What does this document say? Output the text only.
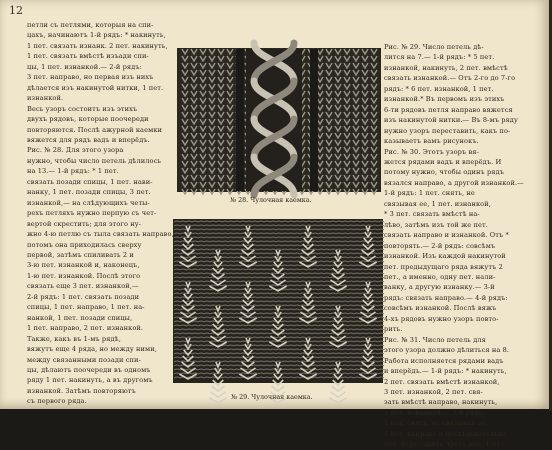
12

петли съ петлями, которыя на спи-

цахъ, начинаютъ 1-й рядъ: * накинуть,

1 пет. связать изнанк. 2 пет. накинуть,

1 пет. связать вмѣстѣ изъади спи-

цы, 1 пет. изнанкой.— 2-й рядъ:

3 пет. направо, но первая изъ нихъ

дѣлается изъ накинутой нитки, 1 пет.

изнанкой.

Весь узоръ состоитъ изъ этихъ

двухъ рядовъ, которые поочереди

повторяются. Послѣ ажурной каемки

вяжется для рядъ вадъ и вперёдъ.

Рис. № 28. Для этого узора

нужно, чтобы число петель дѣлилось

на 13.— 1-й рядъ: * 1 пет.

связать позади спицы, 1 пет. нави-

нанку, 1 пет. позади спицы, 3 пет.

изнанкой,— на слѣдующихъ четы-

рехъ петляхъ нужно перпую съ чет-

вертой скрестить; для этого ну-

жно 4-ю петлю съ тыла связать направо,

потомъ она приходилась сверху

первой, затѣмъ спиливать 2 и

3-ю пет. изнанкой и, наконецъ,

1-ю пет. изнанкой. Послѣ этого

связать еще 3 пет. изнанкой,—

2-й рядъ: 1 пет. связать позади

спицы, 1 пет. направо, 1 пет. на-

нанкой, 1 пет. позади спицы,

1 пет. направо, 2 пет. изнанкой.

Также, какъ въ 1-мъ рядѣ,

вяжутъ еще 4 ряда, но между ними,

между связанными позади спи-

цы, дѣлаютъ поочереди въ одномъ

ряду 1 пет. накинуть, а въ другомъ

изнанкой. Затѣмъ повторяютъ

съ первого ряда.

Рис. № 29. Число петель дѣ-

лится на 7.— 1-й рядъ: * 5 пет.

изнанкой, накинуть, 2 пет. вмѣстѣ

связать изнанкой.— Отъ 2-го до 7-го

рядъ: * 6 пет. изнанкой, 1 пет.

изнанкой.* Въ первомъ изъ этихъ

6-ти рядовъ петля направо вяжется

изъ накинутой нитки.— Въ 8-мъ ряду

нужно узоръ переставить, какъ по-

казываетъ вамъ рисунокъ.

Рис. № 30. Этотъ узоръ вя-

жется рядами вадъ и вперёдъ. И

потому нужно, чтобы одинъ рядъ

вязался направо, а другой изнанкой.—

1-й рядъ: 1 пет. снять, не

связывая ее, 1 пет. изнанкой,

* 3 пет. связать вмѣстѣ на-

лѣво, затѣмъ изъ той же пет.

связать направо и изнанкой. Отъ *

повторять.— 2-й рядъ: совсѣмъ

изнанкой. Изъ каждой накинутой

пет. предыдущаго ряда вяжутъ 2

пет., а именно, одну пет. нали-

ванку, а другую изнанку.— 3-й

рядъ: связать направо.— 4-й рядъ:

совсѣмъ изнанкой. Послѣ вяжъ

4-хъ рядовъ нужно узоръ повто-

рить.

Рис. № 31. Число петель для

этого узора должно дѣлиться на 8.

Работа исполняется рядами вадъ

и вперёдъ.— 1-й рядъ: * накинуть,

2 пет. связать вмѣстѣ изнанкой,

3 пет. изнанкой, 2 пет. свя-

зать вмѣстѣ направо, накинуть,

1 пет. изнанкой.— 2-й рядъ:

1 пет. снять, не связывая ее,

1 пет. направо и послѣдовательно

пет. перетащить чрезъ нее, 1 пет.

№ 28. Чулочная каемка.
№ 29. Чулочная каемка.
